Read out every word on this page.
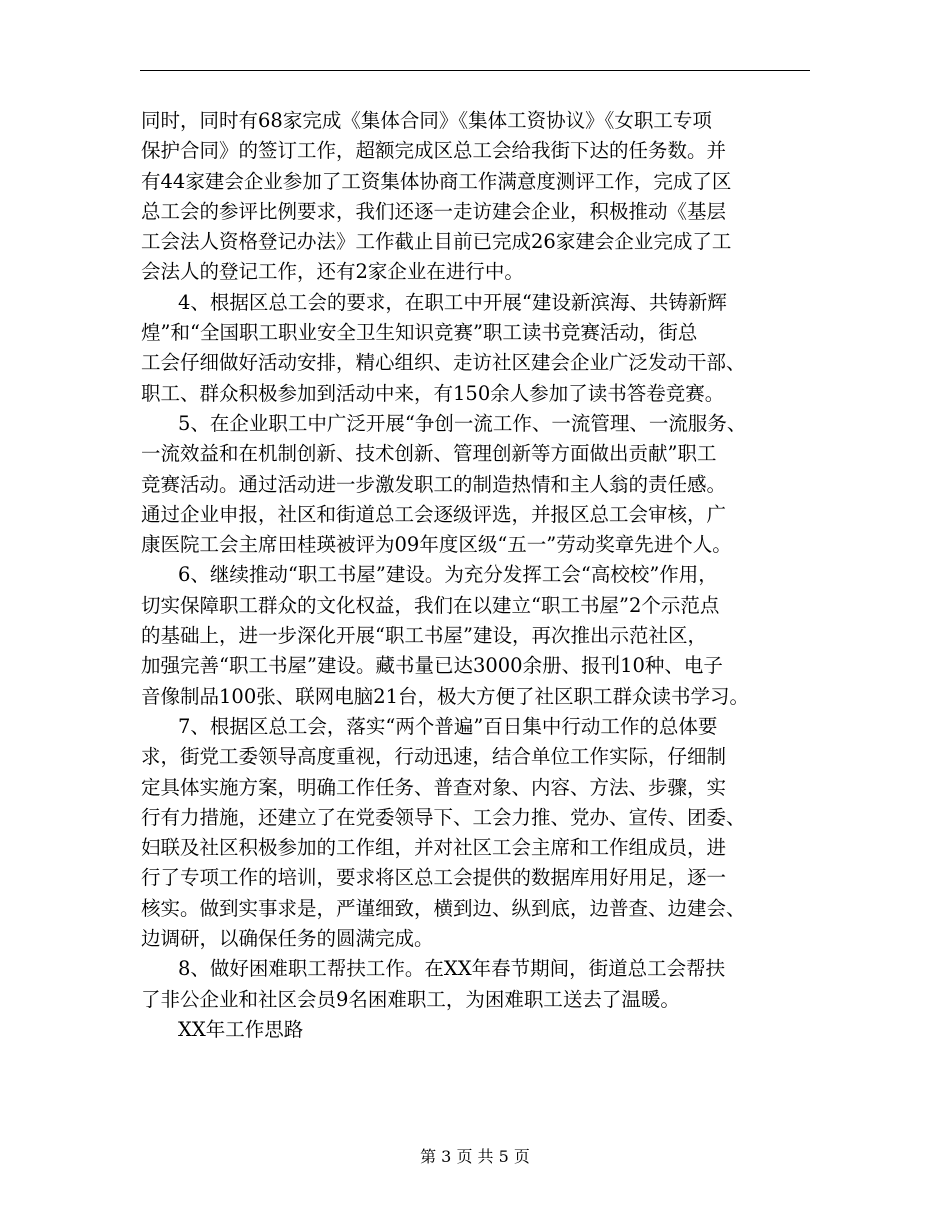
同时，同时有68家完成《集体合同》《集体工资协议》《女职工专项
保护合同》的签订工作，超额完成区总工会给我街下达的任务数。并
有44家建会企业参加了工资集体协商工作满意度测评工作，完成了区
总工会的参评比例要求，我们还逐一走访建会企业，积极推动《基层
工会法人资格登记办法》工作截止目前已完成26家建会企业完成了工
会法人的登记工作，还有2家企业在进行中。
4、根据区总工会的要求，在职工中开展“建设新滨海、共铸新辉
煌”和“全国职工职业安全卫生知识竞赛”职工读书竞赛活动，街总
工会仔细做好活动安排，精心组织、走访社区建会企业广泛发动干部、
职工、群众积极参加到活动中来，有150余人参加了读书答卷竞赛。
5、在企业职工中广泛开展“争创一流工作、一流管理、一流服务、
一流效益和在机制创新、技术创新、管理创新等方面做出贡献”职工
竞赛活动。通过活动进一步激发职工的制造热情和主人翁的责任感。
通过企业申报，社区和街道总工会逐级评选，并报区总工会审核，广
康医院工会主席田桂瑛被评为09年度区级“五一”劳动奖章先进个人。
6、继续推动“职工书屋”建设。为充分发挥工会“高校校”作用，
切实保障职工群众的文化权益，我们在以建立“职工书屋”2个示范点
的基础上，进一步深化开展“职工书屋”建设，再次推出示范社区，
加强完善“职工书屋”建设。藏书量已达3000余册、报刊10种、电子
音像制品100张、联网电脑21台，极大方便了社区职工群众读书学习。
7、根据区总工会，落实“两个普遍”百日集中行动工作的总体要
求，街党工委领导高度重视，行动迅速，结合单位工作实际，仔细制
定具体实施方案，明确工作任务、普查对象、内容、方法、步骤，实
行有力措施，还建立了在党委领导下、工会力推、党办、宣传、团委、
妇联及社区积极参加的工作组，并对社区工会主席和工作组成员，进
行了专项工作的培训，要求将区总工会提供的数据库用好用足，逐一
核实。做到实事求是，严谨细致，横到边、纵到底，边普查、边建会、
边调研，以确保任务的圆满完成。
8、做好困难职工帮扶工作。在XX年春节期间，街道总工会帮扶
了非公企业和社区会员9名困难职工，为困难职工送去了温暖。
XX年工作思路
第 3 页 共 5 页
